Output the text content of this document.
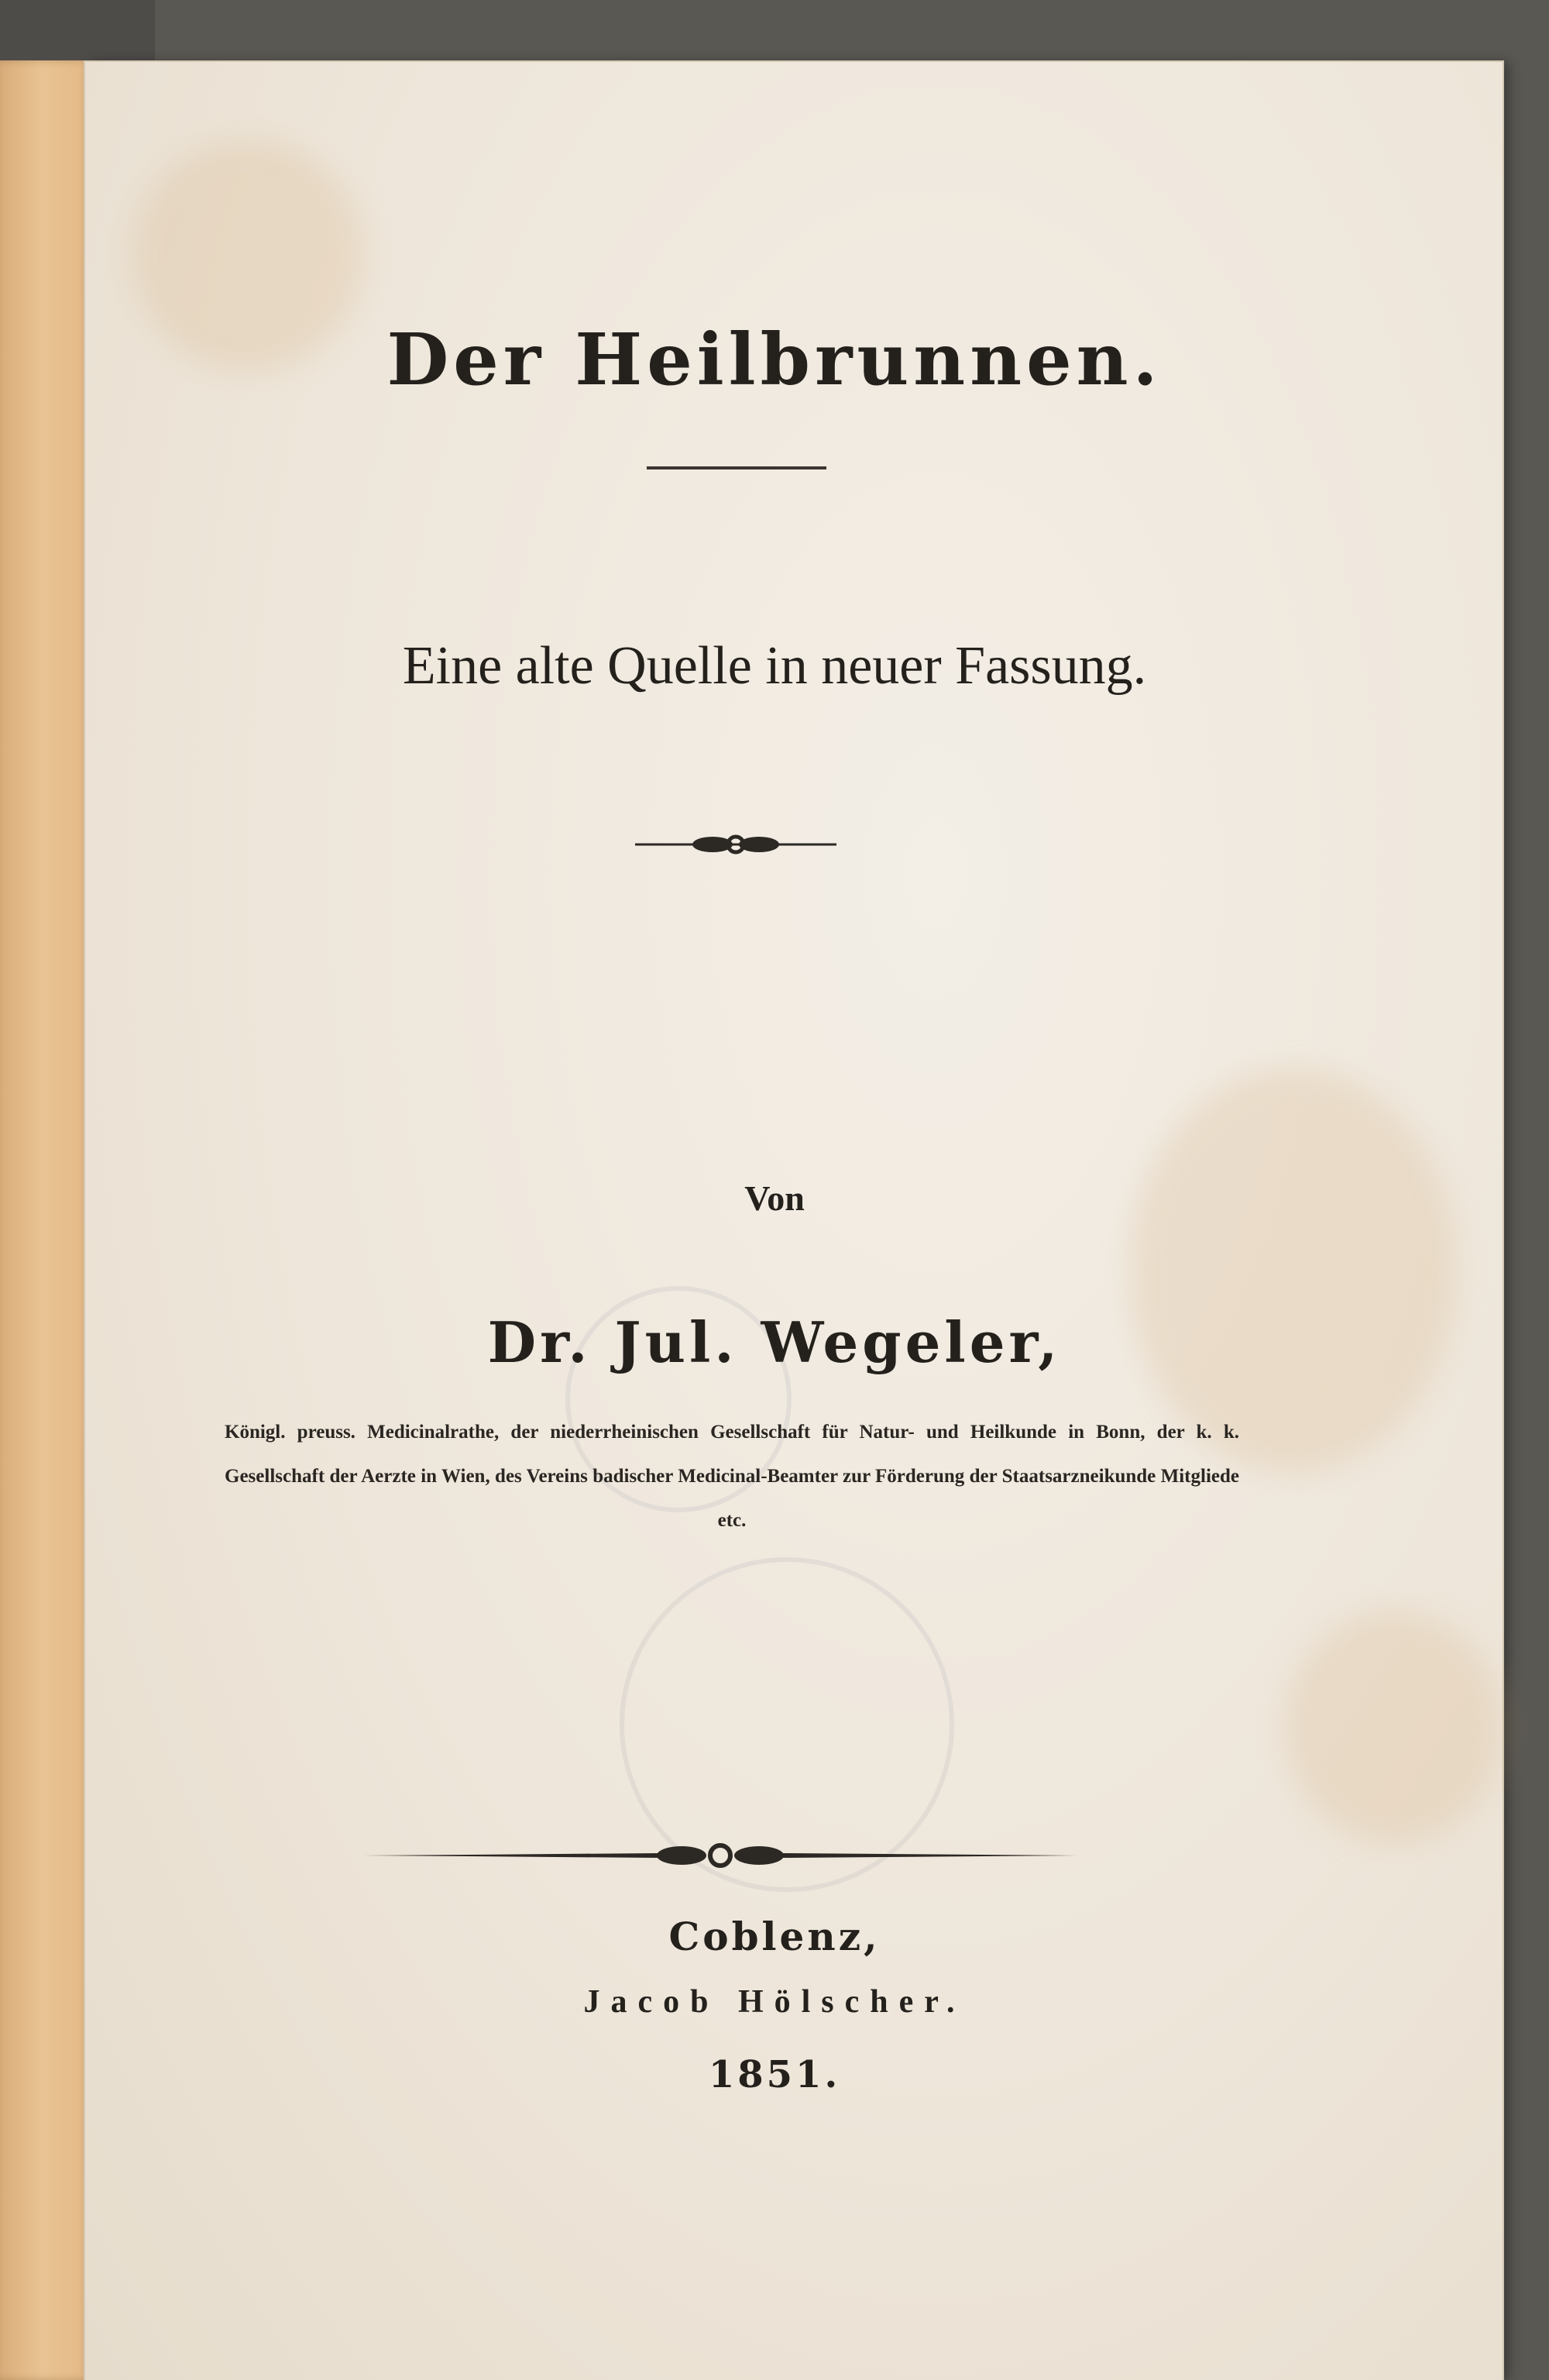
Der Heilbrunnen.
Eine alte Quelle in neuer Fassung.
Von
Dr. Jul. Wegeler,
Königl. preuss. Medicinalrathe, der niederrheinischen Gesellschaft für Natur- und Heilkunde in Bonn, der k. k. Gesellschaft der Aerzte in Wien, des Vereins badischer Medicinal-Beamter zur Förderung der Staatsarzneikunde Mitgliede etc.
Coblenz,
Jacob Hölscher.
1851.
